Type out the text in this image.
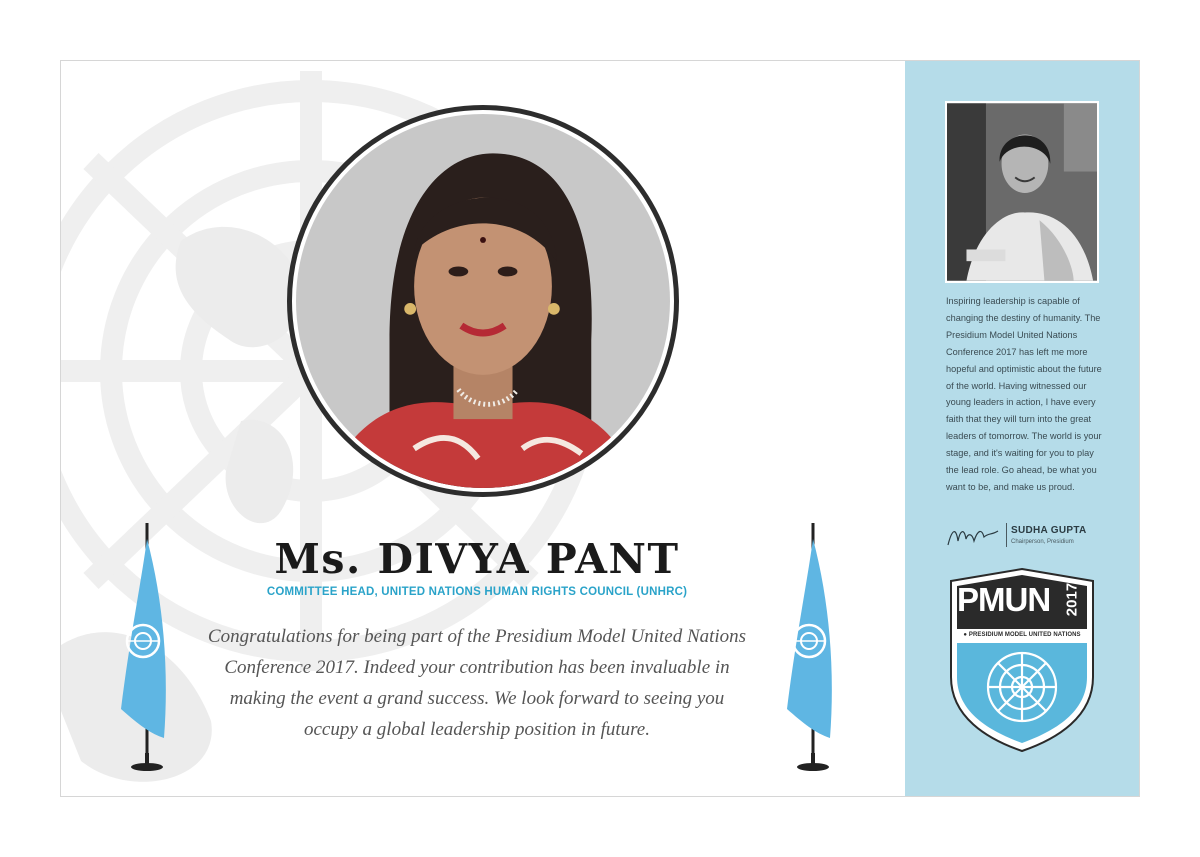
Ms. DIVYA PANT
COMMITTEE HEAD, UNITED NATIONS HUMAN RIGHTS COUNCIL (UNHRC)
Congratulations for being part of the Presidium Model United Nations Conference 2017. Indeed your contribution has been invaluable in making the event a grand success. We look forward to seeing you occupy a global leadership position in future.
Inspiring leadership is capable of changing the destiny of humanity. The Presidium Model United Nations Conference 2017 has left me more hopeful and optimistic about the future of the world. Having witnessed our young leaders in action, I have every faith that they will turn into the great leaders of tomorrow. The world is your stage, and it's waiting for you to play the lead role. Go ahead, be what you want to be, and make us proud.
SUDHA GUPTA
Chairperson, Presidium
PMUN 2017
● PRESIDIUM MODEL UNITED NATIONS
